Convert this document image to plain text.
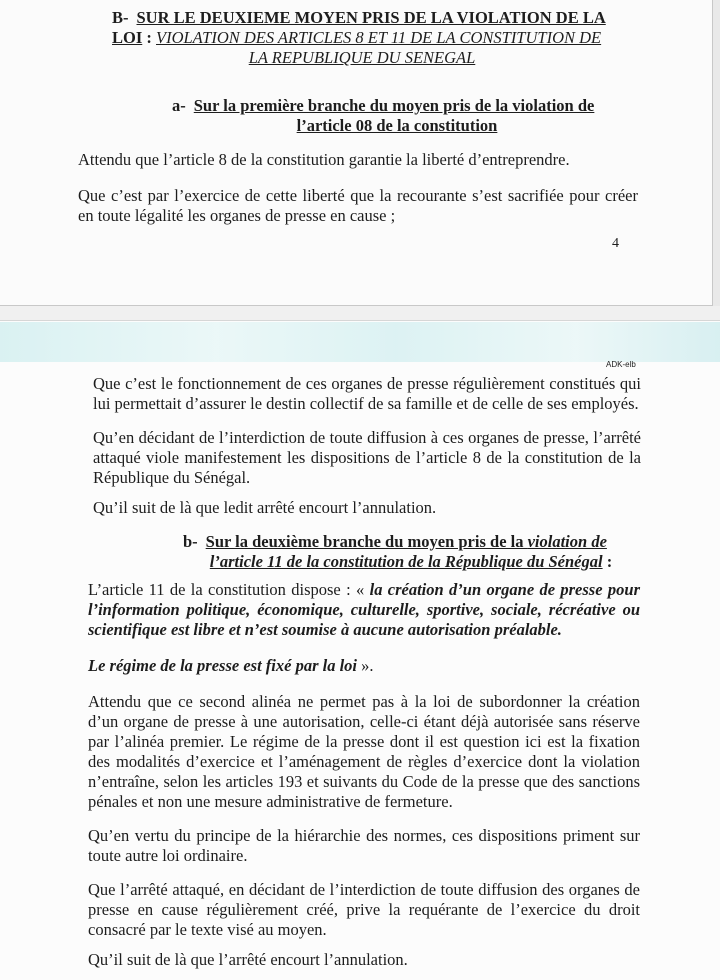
B- SUR LE DEUXIEME MOYEN PRIS DE LA VIOLATION DE LA
LOI : VIOLATION DES ARTICLES 8 ET 11 DE LA CONSTITUTION DE
LA REPUBLIQUE DU SENEGAL
a- Sur la première branche du moyen pris de la violation de
l’article 08 de la constitution

Attendu que l’article 8 de la constitution garantie la liberté d’entreprendre.

Que c’est par l’exercice de cette liberté que la recourante s’est sacrifiée pour créer en toute légalité les organes de presse en cause ;

4
ADK-elb

Que c’est le fonctionnement de ces organes de presse régulièrement constitués qui lui permettait d’assurer le destin collectif de sa famille et de celle de ses employés.

Qu’en décidant de l’interdiction de toute diffusion à ces organes de presse, l’arrêté attaqué viole manifestement les dispositions de l’article 8 de la constitution de la République du Sénégal.

Qu’il suit de là que ledit arrêté encourt l’annulation.

b- Sur la deuxième branche du moyen pris de la violation de
l’article 11 de la constitution de la République du Sénégal :

L’article 11 de la constitution dispose : « la création d’un organe de presse pour l’information politique, économique, culturelle, sportive, sociale, récréative ou scientifique est libre et n’est soumise à aucune autorisation préalable.

Le régime de la presse est fixé par la loi ».

Attendu que ce second alinéa ne permet pas à la loi de subordonner la création d’un organe de presse à une autorisation, celle-ci étant déjà autorisée sans réserve par l’alinéa premier. Le régime de la presse dont il est question ici est la fixation des modalités d’exercice et l’aménagement de règles d’exercice dont la violation n’entraîne, selon les articles 193 et suivants du Code de la presse que des sanctions pénales et non une mesure administrative de fermeture.

Qu’en vertu du principe de la hiérarchie des normes, ces dispositions priment sur toute autre loi ordinaire.

Que l’arrêté attaqué, en décidant de l’interdiction de toute diffusion des organes de presse en cause régulièrement créé, prive la requérante de l’exercice du droit consacré par le texte visé au moyen.

Qu’il suit de là que l’arrêté encourt l’annulation.
